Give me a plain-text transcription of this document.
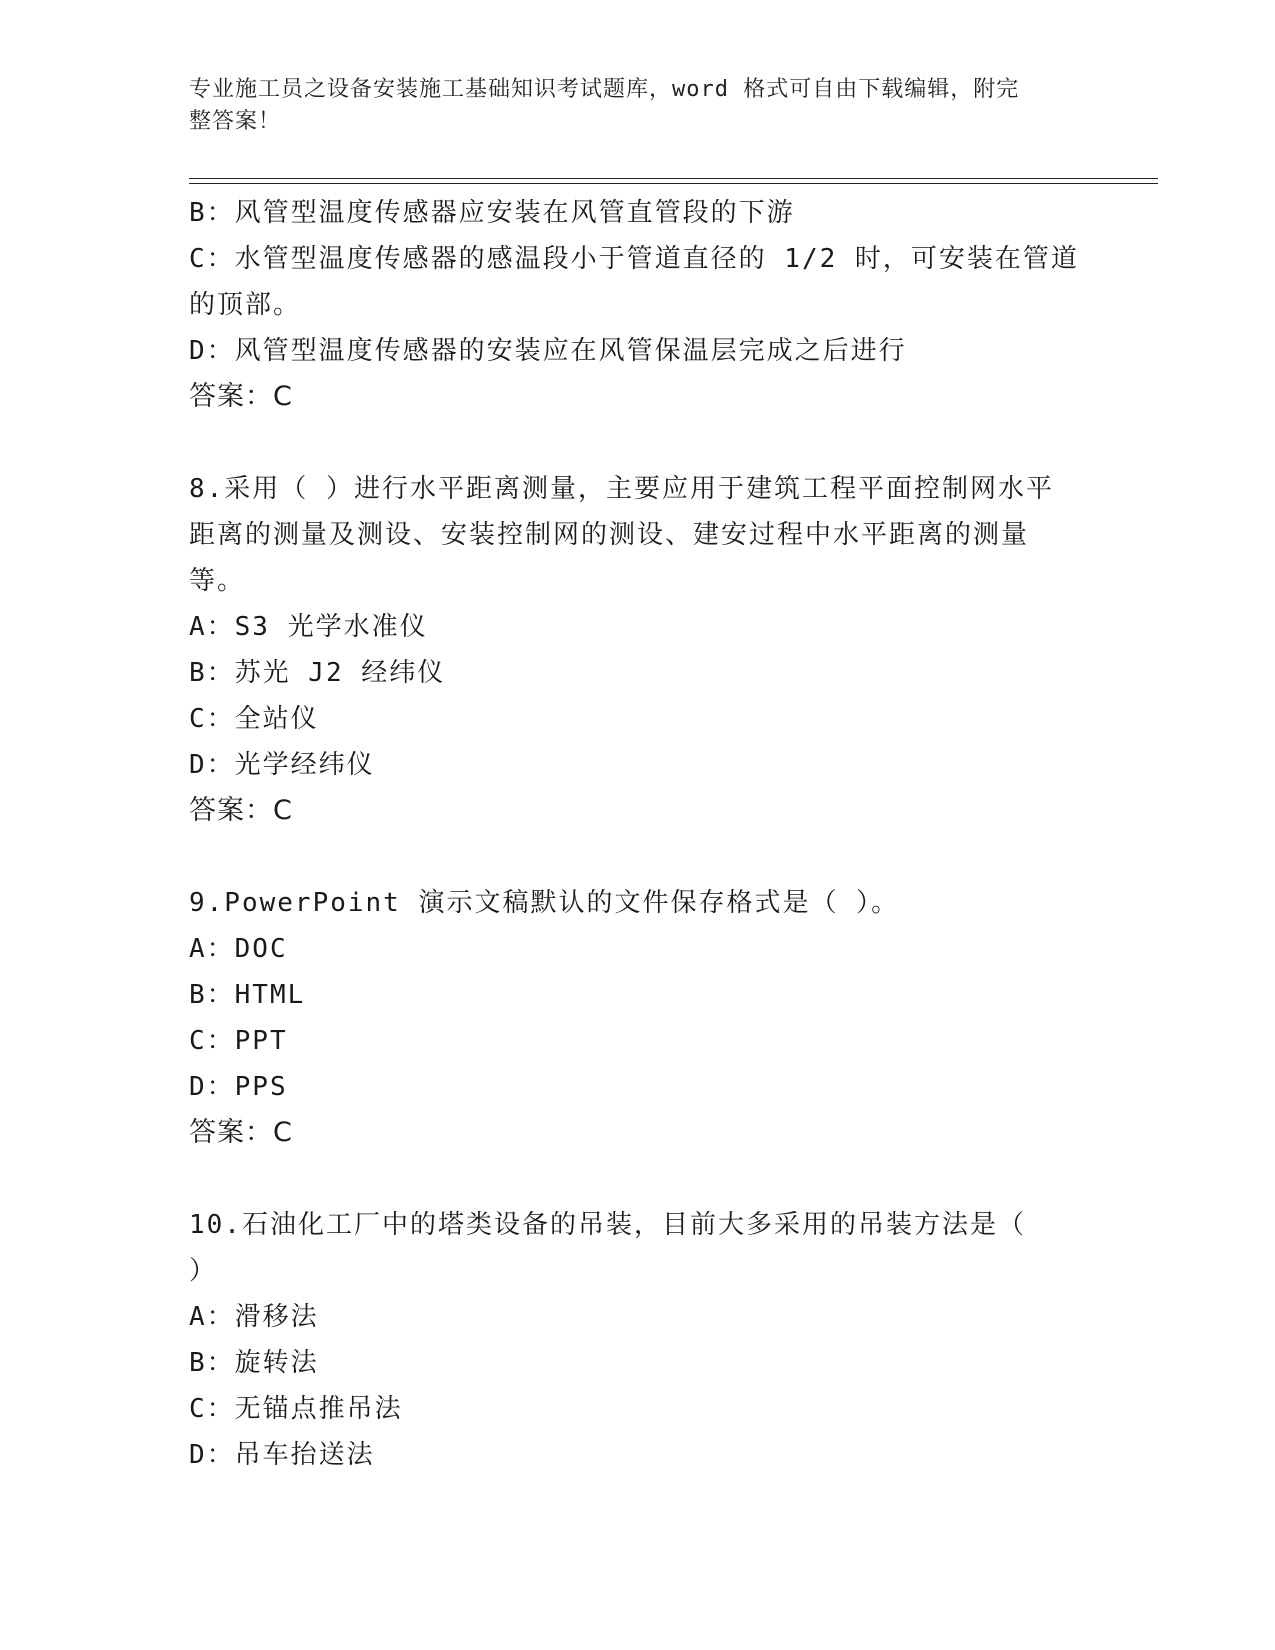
专业施工员之设备安装施工基础知识考试题库，word 格式可自由下载编辑，附完
整答案！
B：风管型温度传感器应安装在风管直管段的下游
C：水管型温度传感器的感温段小于管道直径的 1/2 时，可安装在管道
的顶部。
D：风管型温度传感器的安装应在风管保温层完成之后进行
答案：C
8.采用（ ）进行水平距离测量，主要应用于建筑工程平面控制网水平
距离的测量及测设、安装控制网的测设、建安过程中水平距离的测量
等。
A：S3 光学水准仪
B：苏光 J2 经纬仪
C：全站仪
D：光学经纬仪
答案：C
9.PowerPoint 演示文稿默认的文件保存格式是（ ）。
A：DOC
B：HTML
C：PPT
D：PPS
答案：C
10.石油化工厂中的塔类设备的吊装，目前大多采用的吊装方法是（
）
A：滑移法
B：旋转法
C：无锚点推吊法
D：吊车抬送法
